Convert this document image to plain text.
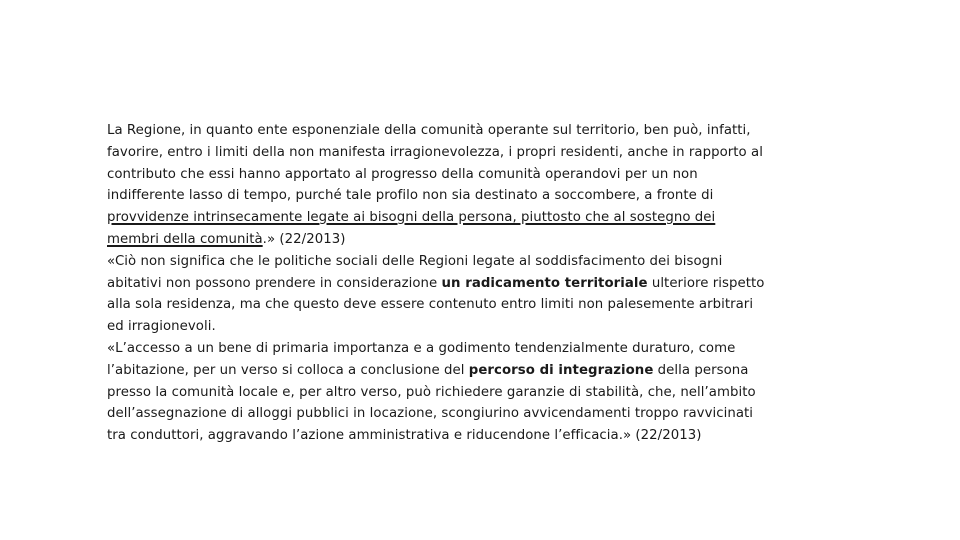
La Regione, in quanto ente esponenziale della comunità operante sul territorio, ben può, infatti,
favorire, entro i limiti della non manifesta irragionevolezza, i propri residenti, anche in rapporto al
contributo che essi hanno apportato al progresso della comunità operandovi per un non
indifferente lasso di tempo, purché tale profilo non sia destinato a soccombere, a fronte di
provvidenze intrinsecamente legate ai bisogni della persona, piuttosto che al sostegno dei
membri della comunità.» (22/2013)
«Ciò non significa che le politiche sociali delle Regioni legate al soddisfacimento dei bisogni
abitativi non possono prendere in considerazione un radicamento territoriale ulteriore rispetto
alla sola residenza, ma che questo deve essere contenuto entro limiti non palesemente arbitrari
ed irragionevoli.
«L’accesso a un bene di primaria importanza e a godimento tendenzialmente duraturo, come
l’abitazione, per un verso si colloca a conclusione del percorso di integrazione della persona
presso la comunità locale e, per altro verso, può richiedere garanzie di stabilità, che, nell’ambito
dell’assegnazione di alloggi pubblici in locazione, scongiurino avvicendamenti troppo ravvicinati
tra conduttori, aggravando l’azione amministrativa e riducendone l’efficacia.» (22/2013)
